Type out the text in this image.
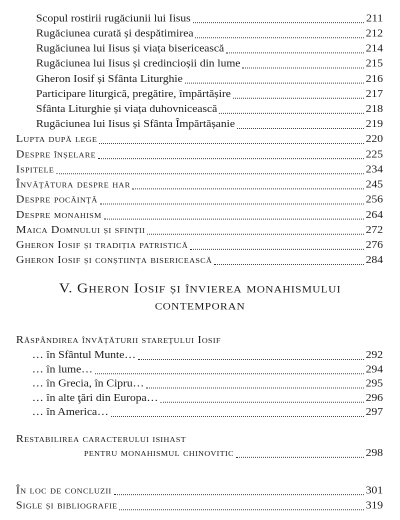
Scopul rostirii rugăciunii lui Iisus	211
Rugăciunea curată și despătimirea	212
Rugăciunea lui Iisus și viața bisericească	214
Rugăciunea lui Iisus și credincioșii din lume	215
Gheron Iosif și Sfânta Liturghie	216
Participare liturgică, pregătire, împărtășire	217
Sfânta Liturghie și viața duhovnicească	218
Rugăciunea lui Iisus și Sfânta Împărtășanie	219
Lupta după lege	220
Despre înșelare	225
Ispitele	234
Învățătura despre har	245
Despre pocăință	256
Despre monahism	264
Maica Domnului și sfinții	272
Gheron Iosif și tradiția patristică	276
Gheron Iosif și conștiința bisericească	284
V. Gheron Iosif și învierea monahismului
contemporan
Răspândirea învățăturii stareţului Iosif
… în Sfântul Munte…	292
… în lume…	294
… în Grecia, în Cipru…	295
… în alte ţări din Europa…	296
… în America…	297
Restabilirea caracterului isihast
pentru monahismul chinovitic	298
În loc de concluzii	301
Sigle și bibliografie	319
